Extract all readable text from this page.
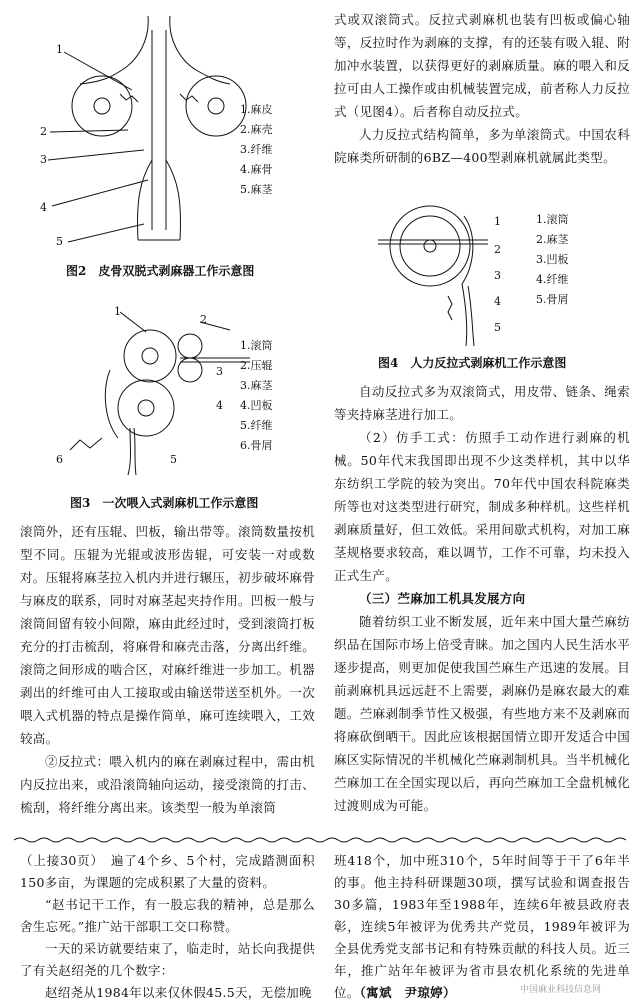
1
2
3
4
5
1.麻皮
2.麻壳
3.纤维
4.麻骨
5.麻茎
图2　皮骨双脱式剥麻器工作示意图
1
2
3
4
5
6
1.滚筒
2.压辊
3.麻茎
4.凹板
5.纤维
6.骨屑
图3　一次喂入式剥麻机工作示意图

滚筒外，还有压辊、凹板，输出带等。滚筒数量按机型不同。压辊为光辊或波形齿辊，可安装一对或数对。压辊将麻茎拉入机内并进行辗压，初步破坏麻骨与麻皮的联系，同时对麻茎起夹持作用。凹板一般与滚筒间留有较小间隙，麻由此经过时，受到滚筒打板充分的打击梳刮，将麻骨和麻壳击落，分离出纤维。滚筒之间形成的啮合区，对麻纤维进一步加工。机器剥出的纤维可由人工接取或由输送带送至机外。一次喂入式机器的特点是操作简单，麻可连续喂入，工效较高。

②反拉式：喂入机内的麻在剥麻过程中，需由机内反拉出来，或沿滚筒轴向运动，接受滚筒的打击、梳刮，将纤维分离出来。该类型一般为单滚筒

式或双滚筒式。反拉式剥麻机也装有凹板或偏心轴等，反拉时作为剥麻的支撑，有的还装有吸入辊、附加冲水装置，以获得更好的剥麻质量。麻的喂入和反拉可由人工操作或由机械装置完成，前者称人力反拉式（见图4）。后者称自动反拉式。

人力反拉式结构简单，多为单滚筒式。中国农科院麻类所研制的6BZ—400型剥麻机就属此类型。

1.滚筒
2.麻茎
3.凹板
4.纤维
5.骨屑
1
2
3
4
5
图4　人力反拉式剥麻机工作示意图

自动反拉式多为双滚筒式，用皮带、链条、绳索等夹持麻茎进行加工。

（2）仿手工式：仿照手工动作进行剥麻的机械。50年代末我国即出现不少这类样机，其中以华东纺织工学院的较为突出。70年代中国农科院麻类所等也对这类型进行研究，制成多种样机。这些样机剥麻质量好，但工效低。采用间歇式机构，对加工麻茎规格要求较高，难以调节，工作不可靠，均未投入正式生产。

（三）苎麻加工机具发展方向

随着纺织工业不断发展，近年来中国大量苎麻纺织品在国际市场上倍受青睐。加之国内人民生活水平逐步提高，则更加促使我国苎麻生产迅速的发展。目前剥麻机具远远赶不上需要，剥麻仍是麻农最大的难题。苎麻剥制季节性又极强，有些地方来不及剥麻而将麻砍倒晒干。因此应该根据国情立即开发适合中国麻区实际情况的半机械化苎麻剥制机具。当半机械化苎麻加工在全国实现以后，再向苎麻加工全盘机械化过渡则成为可能。

（上接30页）　 遍了4个乡、5个村，完成踏测面积150多亩，为课题的完成积累了大量的资料。

“赵书记干工作，有一股忘我的精神，总是那么舍生忘死。”推广站干部职工交口称赞。

一天的采访就要结束了，临走时，站长向我提供了有关赵绍尧的几个数字：

赵绍尧从1984年以来仅休假45.5天，无偿加晚

班418个，加中班310个，5年时间等于干了6年半的事。他主持科研课题30项，撰写试验和调查报告30多篇，1983年至1988年，连续6年被县政府表彰，连续5年被评为优秀共产党员，1989年被评为全县优秀党支部书记和有特殊贡献的科技人员。近三年，推广站年年被评为省市县农机化系统的先进单位。（寓斌　尹琼婷）	中国麻业科技信息网
